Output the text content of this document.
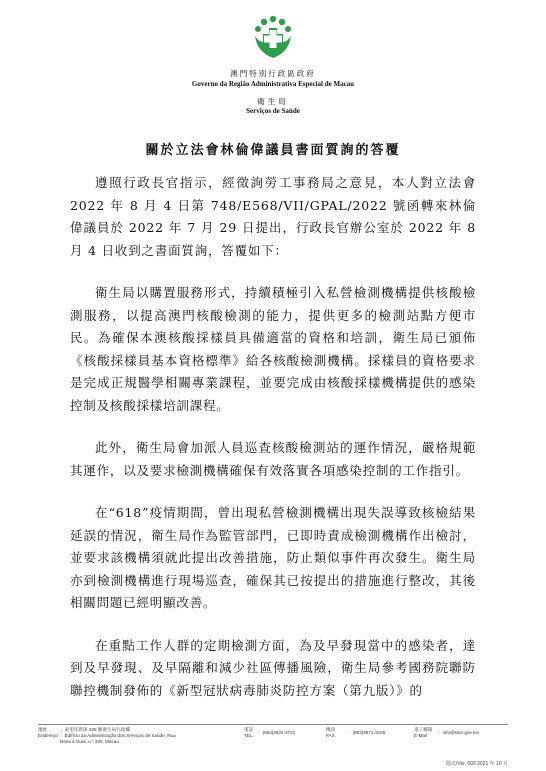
澳門特別行政區政府
Governo da Região Administrativa Especial de Macau
衛生局
Serviços de Saúde
關於立法會林倫偉議員書面質詢的答覆

遵照行政長官指示，經徵詢勞工事務局之意見，本人對立法會 2022 年 8 月 4 日第 748/E568/VII/GPAL/2022 號函轉來林倫偉議員於 2022 年 7 月 29 日提出，行政長官辦公室於 2022 年 8 月 4 日收到之書面質詢，答覆如下：

衛生局以購置服務形式，持續積極引入私營檢測機構提供核酸檢測服務，以提高澳門核酸檢測的能力，提供更多的檢測站點方便市民。為確保本澳核酸採樣員具備適當的資格和培訓，衛生局已頒佈《核酸採樣員基本資格標準》給各核酸檢測機構。採樣員的資格要求是完成正規醫學相關專業課程，並要完成由核酸採樣機構提供的感染控制及核酸採樣培訓課程。

此外，衛生局會加派人員巡查核酸檢測站的運作情況，嚴格規範其運作，以及要求檢測機構確保有效落實各項感染控制的工作指引。

在“618”疫情期間，曾出現私營檢測機構出現失誤導致核檢結果延誤的情況，衛生局作為監管部門，已即時責成檢測機構作出檢討，並要求該機構須就此提出改善措施，防止類似事件再次發生。衛生局亦到檢測機構進行現場巡查，確保其已按提出的措施進行整改，其後相關問題已經明顯改善。

在重點工作人群的定期檢測方面，為及早發現當中的感染者，達到及早發現、及早隔離和減少社區傳播風險，衛生局參考國務院聯防聯控機制發佈的《新型冠狀病毒肺炎防控方案（第九版）》的

地址
Endereço
：東望洋新街 339 號衛生局行政樓
：Edifício da Administração dos Serviços de Saúde, Rua Nova à Guia, n.º 339, Macau
電話
TEL.
：(853)2831-3731
傳真
FAX.
：(853)2871-3105
電子郵箱
E-Mail
：info@ssm.gov.mo
版次/Ver. 003 2021 年 10 月
